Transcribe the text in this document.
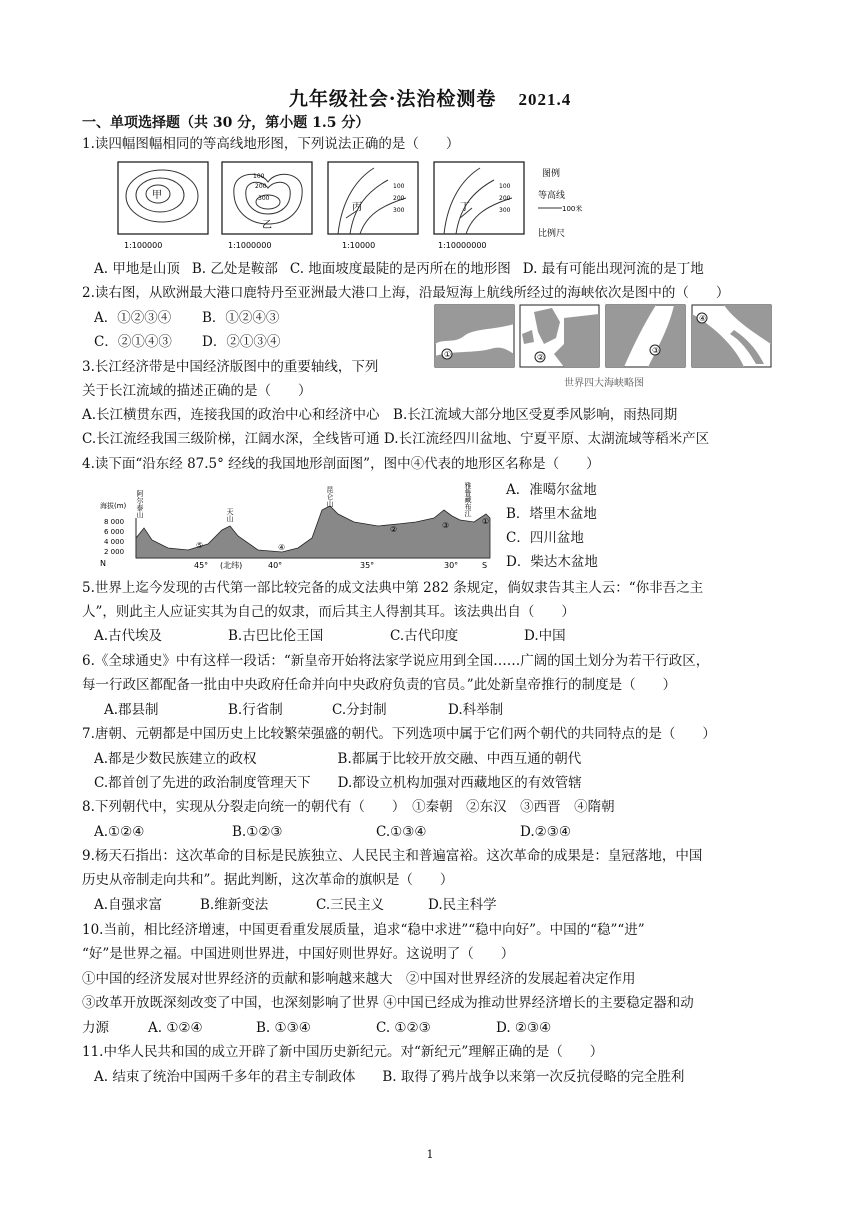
九年级社会·法治检测卷 2021.4
一、单项选择题（共 30 分，第小题 1.5 分）
1.读四幅图幅相同的等高线地形图，下列说法正确的是（　　）
甲
1:100000
100
200
300
乙
1:1000000
丙
100
200
300
1:10000
丁
100
200
300
1:10000000
图例
等高线
100米
比例尺
A. 甲地是山顶 B. 乙处是鞍部 C. 地面坡度最陡的是丙所在的地形图 D. 最有可能出现河流的是丁地
2.读右图，从欧洲最大港口鹿特丹至亚洲最大港口上海，沿最短海上航线所经过的海峡依次是图中的（　　）
A．①②③④ B．①②④③
C．②①④③ D．②①③④
①	②
③
④
世界四大海峡略图
3.长江经济带是中国经济版图中的重要轴线，下列
关于长江流域的描述正确的是（　　）
A.长江横贯东西，连接我国的政治中心和经济中心　B.长江流域大部分地区受夏季风影响，雨热同期
C.长江流经我国三级阶梯，江阔水深，全线皆可通 D.长江流经四川盆地、宁夏平原、太湖流域等稻米产区
4.读下面“沿东经 87.5° 经线的我国地形剖面图”，图中④代表的地形区名称是（　　）
海拔(m)
8 000
6 000
4 000
2 000
N	S
45° (北纬)	40°	35°	30°
阿尔泰山	天山
昆仑山	雅鲁藏布江
①
②	③
④
⑤
A．准噶尔盆地
B．塔里木盆地
C．四川盆地
D．柴达木盆地
5.世界上迄今发现的古代第一部比较完备的成文法典中第 282 条规定，倘奴隶告其主人云：“你非吾之主
人”，则此主人应证实其为自己的奴隶，而后其主人得割其耳。该法典出自（　　）
A.古代埃及	B.古巴比伦王国	C.古代印度	D.中国
6.《全球通史》中有这样一段话：“新皇帝开始将法家学说应用到全国……广阔的国土划分为若干行政区，
每一行政区都配备一批由中央政府任命并向中央政府负责的官员。”此处新皇帝推行的制度是（　　）
A.郡县制	B.行省制	C.分封制	D.科举制
7.唐朝、元朝都是中国历史上比较繁荣强盛的朝代。下列选项中属于它们两个朝代的共同特点的是（　　）
A.都是少数民族建立的政权　　　　　　B.都属于比较开放交融、中西互通的朝代
C.都首创了先进的政治制度管理天下　　D.都设立机构加强对西藏地区的有效管辖
8.下列朝代中，实现从分裂走向统一的朝代有（　　）　①秦朝　②东汉　③西晋　④隋朝
A.①②④	B.①②③	C.①③④	D.②③④
9.杨天石指出：这次革命的目标是民族独立、人民民主和普遍富裕。这次革命的成果是：皇冠落地，中国
历史从帝制走向共和”。据此判断，这次革命的旗帜是（　　）
A.自强求富	B.维新变法	C.三民主义	D.民主科学
10.当前，相比经济增速，中国更看重发展质量，追求“稳中求进”“稳中向好”。中国的“稳”“进”
“好”是世界之福。中国进则世界进，中国好则世界好。这说明了（　　）
①中国的经济发展对世界经济的贡献和影响越来越大　②中国对世界经济的发展起着决定作用
③改革开放既深刻改变了中国，也深刻影响了世界 ④中国已经成为推动世界经济增长的主要稳定器和动
力源	A. ①②④	B. ①③④	C. ①②③	D. ②③④
11.中华人民共和国的成立开辟了新中国历史新纪元。对“新纪元”理解正确的是（　　）
A. 结束了统治中国两千多年的君主专制政体　　B. 取得了鸦片战争以来第一次反抗侵略的完全胜利
1
